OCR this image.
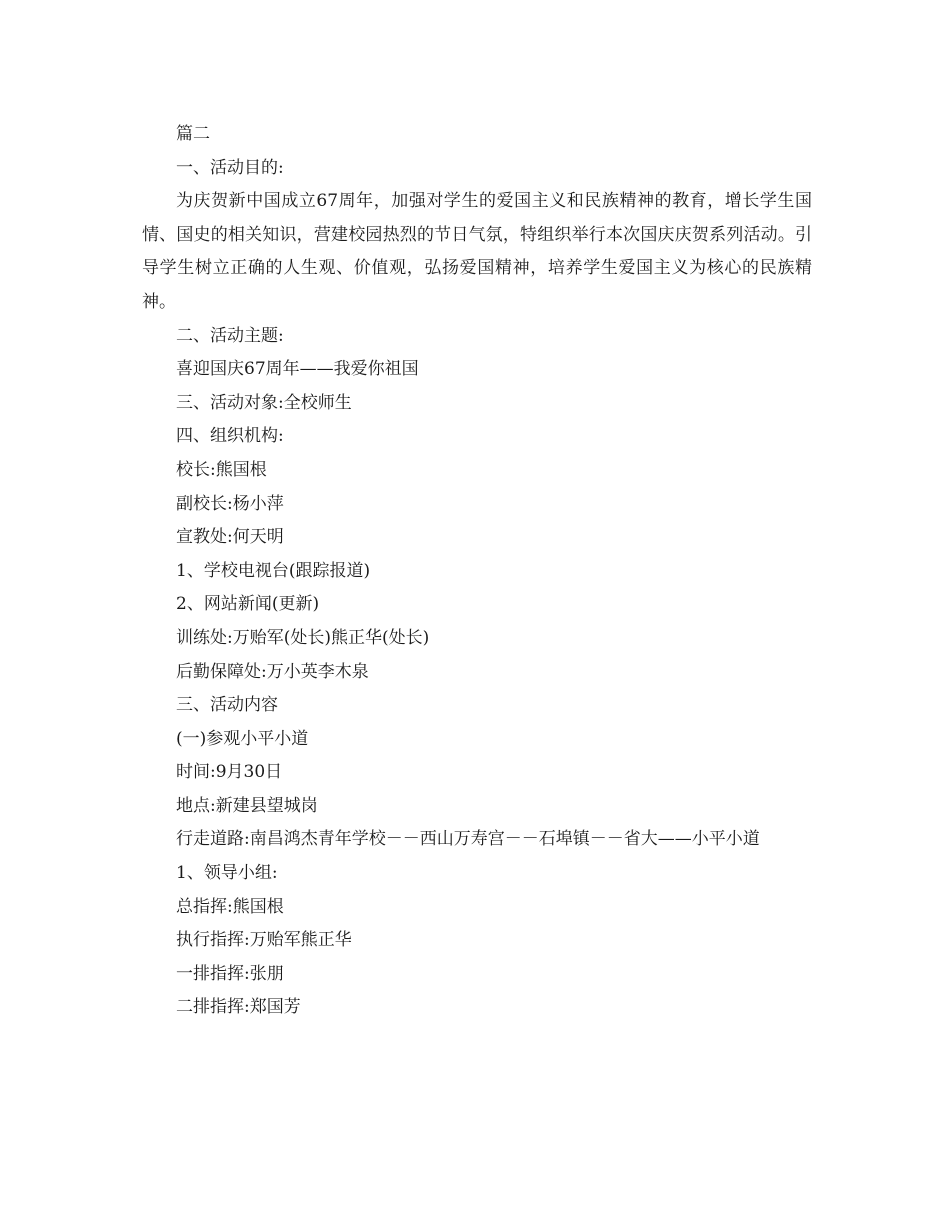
篇二

一、活动目的:

为庆贺新中国成立67周年，加强对学生的爱国主义和民族精神的教育，增长学生国情、国史的相关知识，营建校园热烈的节日气氛，特组织举行本次国庆庆贺系列活动。引导学生树立正确的人生观、价值观，弘扬爱国精神，培养学生爱国主义为核心的民族精神。

二、活动主题:

喜迎国庆67周年——我爱你祖国

三、活动对象:全校师生

四、组织机构:

校长:熊国根

副校长:杨小萍

宣教处:何天明

1、学校电视台(跟踪报道)

2、网站新闻(更新)

训练处:万贻军(处长)熊正华(处长)

后勤保障处:万小英李木泉

三、活动内容

(一)参观小平小道

时间:9月30日

地点:新建县望城岗

行走道路:南昌鸿杰青年学校－－西山万寿宫－－石埠镇－－省大——小平小道

1、领导小组:

总指挥:熊国根

执行指挥:万贻军熊正华

一排指挥:张朋

二排指挥:郑国芳
